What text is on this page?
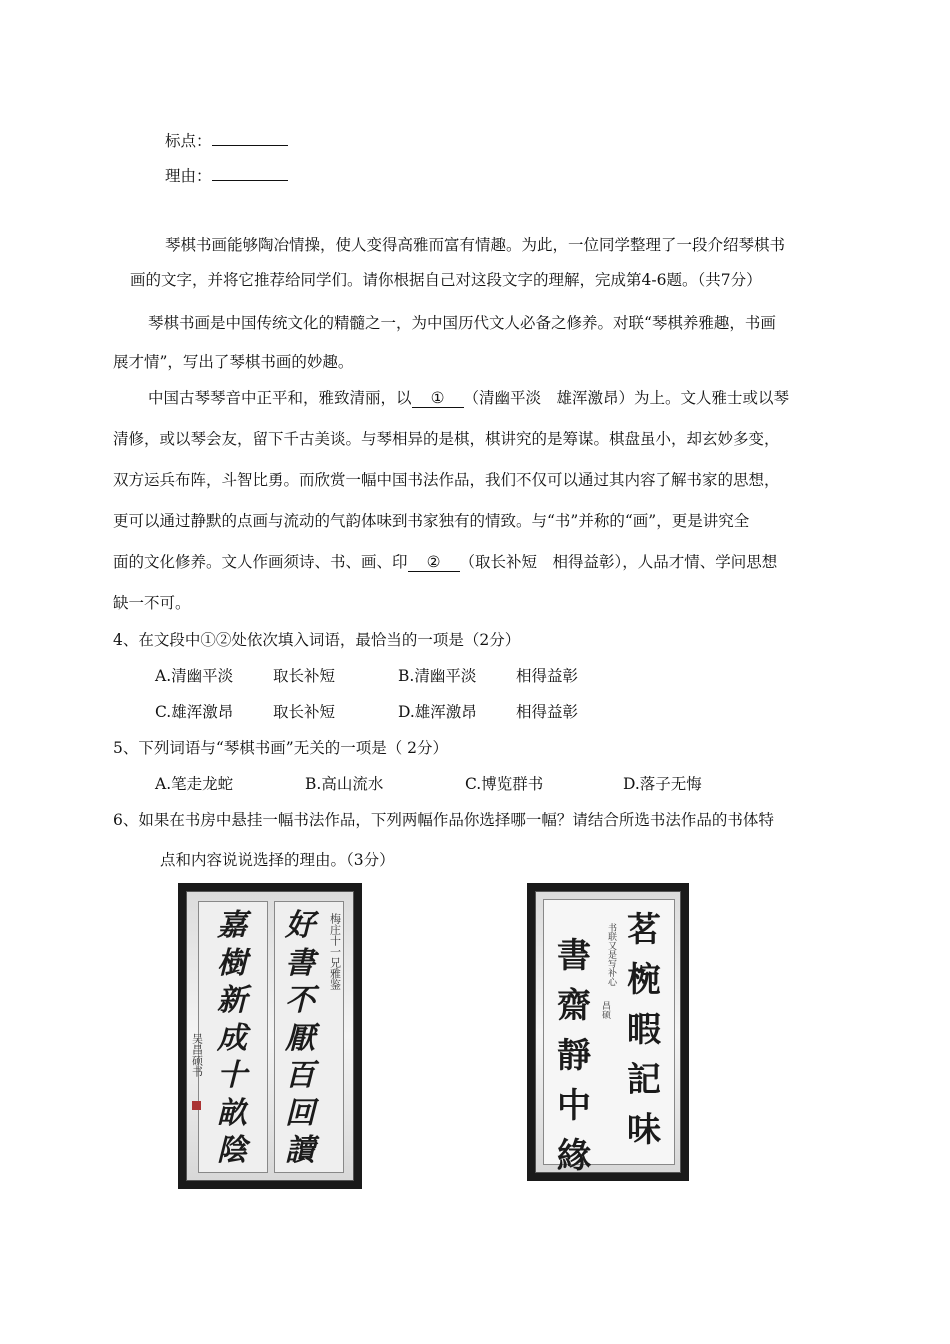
标点：
理由：
琴棋书画能够陶冶情操，使人变得高雅而富有情趣。为此，一位同学整理了一段介绍琴棋书
画的文字，并将它推荐给同学们。请你根据自己对这段文字的理解，完成第4-6题。（共7分）
琴棋书画是中国传统文化的精髓之一，为中国历代文人必备之修养。对联“琴棋养雅趣，书画
展才情”，写出了琴棋书画的妙趣。
中国古琴琴音中正平和，雅致清丽，以 ① （清幽平淡　雄浑激昂）为上。文人雅士或以琴
清修，或以琴会友，留下千古美谈。与琴相异的是棋，棋讲究的是筹谋。棋盘虽小，却玄妙多变，
双方运兵布阵，斗智比勇。而欣赏一幅中国书法作品，我们不仅可以通过其内容了解书家的思想，
更可以通过静默的点画与流动的气韵体味到书家独有的情致。与“书”并称的“画”，更是讲究全
面的文化修养。文人作画须诗、书、画、印 ② （取长补短　相得益彰），人品才情、学问思想
缺一不可。
4、在文段中①②处依次填入词语，最恰当的一项是（2分）
A.清幽平淡	取长补短	B.清幽平淡	相得益彰
C.雄浑激昂	取长补短	D.雄浑激昂	相得益彰
5、下列词语与“琴棋书画”无关的一项是（ 2分）
A.笔走龙蛇	B.高山流水	C.博览群书	D.落子无悔
6、如果在书房中悬挂一幅书法作品，下列两幅作品你选择哪一幅？请结合所选书法作品的书体特
点和内容说说选择的理由。（3分）
好
書
不
厭
百
回
讀
梅庄十一兄雅鉴
嘉
樹
新
成
十
畝
陰
吴昌硕书
茗
椀
暇
記
味
书联又是写补心
書
齋
靜
中
緣
昌硕
